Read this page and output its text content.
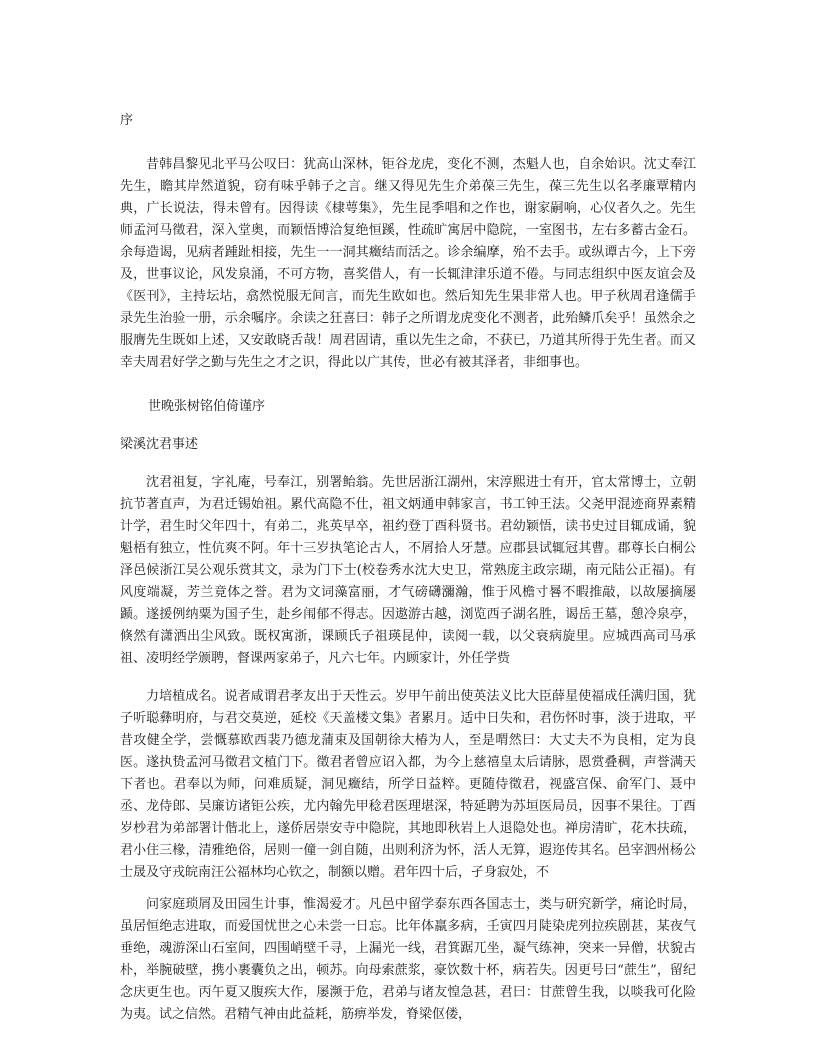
序

昔韩昌黎见北平马公叹曰：犹高山深林，钜谷龙虎，变化不测，杰魁人也，自余始识。沈丈奉江先生，瞻其岸然道貌，窃有味乎韩子之言。继又得见先生介弟葆三先生，葆三先生以名孝廉覃精内典，广长说法，得未曾有。因得读《棣萼集》，先生昆季唱和之作也，谢家嗣响，心仪者久之。先生师孟河马徵君，深入堂奥，而颖悟博洽复绝恒蹊，性疏旷寓居中隐院，一室图书，左右多蓄古金石。余每造谒，见病者踵趾相接，先生一一洞其癥结而活之。诊余编摩，殆不去手。或纵谭古今，上下旁及，世事议论，风发泉涌，不可方物，喜奖借人，有一长辄津津乐道不倦。与同志组织中医友谊会及《医刊》，主持坛坫，翕然悦服无间言，而先生欧如也。然后知先生果非常人也。甲子秋周君逢儒手录先生治验一册，示余嘱序。余读之狂喜曰：韩子之所谓龙虎变化不测者，此殆鳞爪矣乎！虽然余之服膺先生既如上述，又安敢晓舌哉！周君固请，重以先生之命，不获已，乃道其所得于先生者。而又幸夫周君好学之勤与先生之才之识，得此以广其传，世必有被其泽者，非细事也。

世晚张树铭伯倚谨序

梁溪沈君事述

沈君祖复，字礼庵，号奉江，别署鲐翁。先世居浙江湖州，宋淳熙进士有开，官太常博士，立朝抗节著直声，为君迁锡始祖。累代高隐不仕，祖文炳通申韩家言，书工钟王法。父尧甲混迹商界素精计学，君生时父年四十，有弟二，兆英早卒，祖约登丁酉科贤书。君幼颖悟，读书史过目辄成诵，貌魁梧有独立，性伉爽不阿。年十三岁执笔论古人，不屑拾人牙慧。应郡县试辄冠其曹。郡尊长白桐公泽邑候浙江吴公观乐赏其文，录为门下士(校卷秀水沈大史卫，常熟庞主政宗瑚，南元陆公正福)。有风度端凝，芳兰竟体之誉。君为文词藻富丽，才气磅礴瀰瀚，惟于风檐寸晷不暇推敲，以故屡摘屡踬。遂援例纳粟为国子生，赴乡闱郁不得志。因遨游古越，浏览西子湖名胜，谒岳王墓，憩冷泉亭，倏然有潇洒出尘风致。既权寓浙，课顾氏子祖瑛昆仲，读阅一载，以父衰病旋里。应城西高司马承祖、凌明经学颁聘，督课两家弟子，凡六七年。内顾家计，外任学赀

力培植成名。说者咸谓君孝友出于天性云。岁甲午前出使英法义比大臣薛星使福成任满归国，犹子听聪彝明府，与君交莫逆，延校《天盖楼文集》者累月。适中日失和，君伤怀时事，淡于进取，平昔攻健全学，尝慨慕欧西裴乃德龙蒲束及国朝徐大椿为人，至是喟然曰：大丈夫不为良相，定为良医。遂执贽孟河马徵君文植门下。徵君者曾应诏入都，为今上慈禧皇太后请脉，恩赏叠稠，声誉满天下者也。君奉以为师，问难质疑，洞见癥结，所学日益粹。更随侍徵君，视盛宫保、俞军门、聂中丞、龙侍郎、吴廉访诸钜公疾，尤内翰先甲稔君医理堪深，特延聘为苏垣医局员，因事不果往。丁酉岁杪君为弟部署计偕北上，遂侨居崇安寺中隐院，其地即秋岩上人退隐处也。禅房清旷，花木扶疏，君小住三椽，清雅绝俗，居则一僮一剑自随，出则利济为怀，活人无算，遐迩传其名。邑宰泗州杨公士晟及守戎皖南汪公福林均心钦之，制额以赠。君年四十后，孑身寂处，不

问家庭琐屑及田园生计事，惟渴爱才。凡邑中留学泰东西各国志士，类与研究新学，痛论时局，虽居恒绝志进取，而爱国忧世之心未尝一日忘。比年体羸多病，壬寅四月陡染虎列拉疾剧甚，某夜气垂绝，魂游深山石室间，四围峭壁千寻，上漏光一线，君箕踞兀坐，凝气练神，突来一异僧，状貌古朴，举腕破壁，携小裹囊负之出，顿苏。向母索蔗浆，豪饮数十杯，病若失。因更号曰“蔗生”，留纪念庆更生也。丙午夏又腹疾大作，屡濒于危，君弟与诸友惶急甚，君曰：甘蔗曾生我，以啖我可化险为夷。试之信然。君精气神由此益耗，筋痹举发，脊梁伛偻，
